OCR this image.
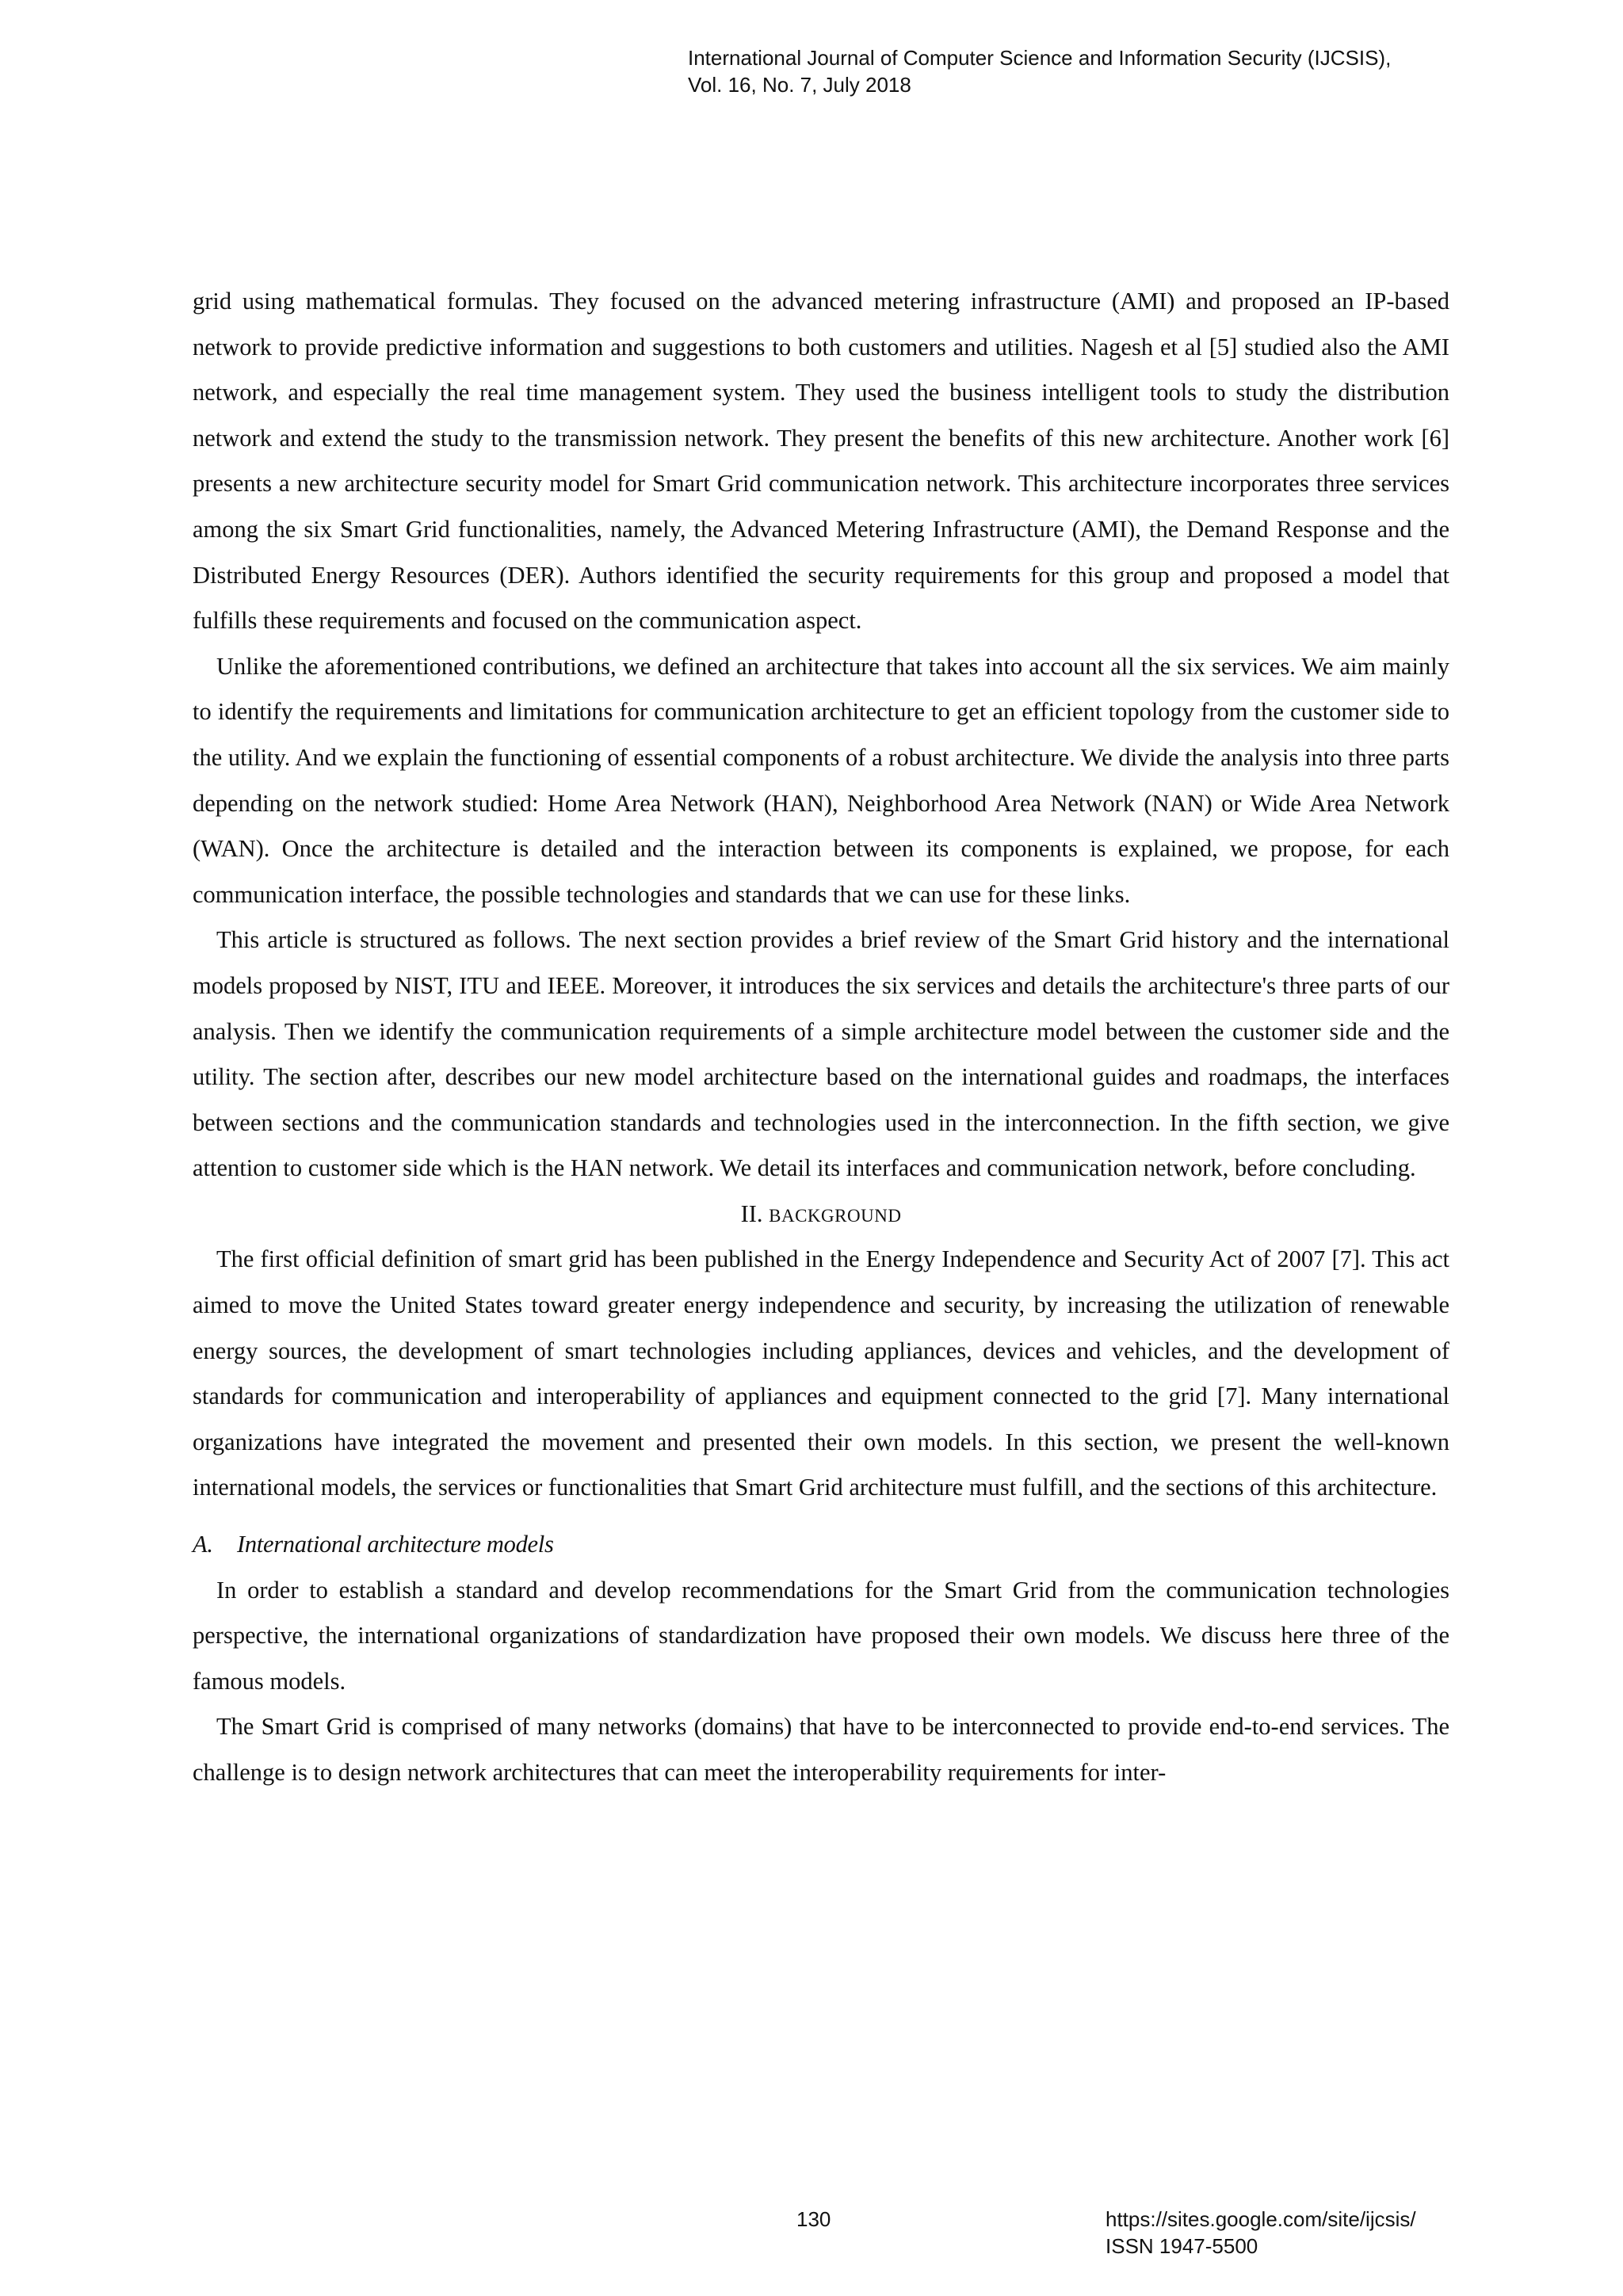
International Journal of Computer Science and Information Security (IJCSIS),
Vol. 16, No. 7, July 2018

grid using mathematical formulas. They focused on the advanced metering infrastructure (AMI) and proposed an IP-based network to provide predictive information and suggestions to both customers and utilities. Nagesh et al [5] studied also the AMI network, and especially the real time management system. They used the business intelligent tools to study the distribution network and extend the study to the transmission network. They present the benefits of this new architecture. Another work [6] presents a new architecture security model for Smart Grid communication network. This architecture incorporates three services among the six Smart Grid functionalities, namely, the Advanced Metering Infrastructure (AMI), the Demand Response and the Distributed Energy Resources (DER). Authors identified the security requirements for this group and proposed a model that fulfills these requirements and focused on the communication aspect.

Unlike the aforementioned contributions, we defined an architecture that takes into account all the six services. We aim mainly to identify the requirements and limitations for communication architecture to get an efficient topology from the customer side to the utility. And we explain the functioning of essential components of a robust architecture. We divide the analysis into three parts depending on the network studied: Home Area Network (HAN), Neighborhood Area Network (NAN) or Wide Area Network (WAN). Once the architecture is detailed and the interaction between its components is explained, we propose, for each communication interface, the possible technologies and standards that we can use for these links.

This article is structured as follows. The next section provides a brief review of the Smart Grid history and the international models proposed by NIST, ITU and IEEE. Moreover, it introduces the six services and details the architecture's three parts of our analysis. Then we identify the communication requirements of a simple architecture model between the customer side and the utility. The section after, describes our new model architecture based on the international guides and roadmaps, the interfaces between sections and the communication standards and technologies used in the interconnection. In the fifth section, we give attention to customer side which is the HAN network. We detail its interfaces and communication network, before concluding.

II. BACKGROUND

The first official definition of smart grid has been published in the Energy Independence and Security Act of 2007 [7]. This act aimed to move the United States toward greater energy independence and security, by increasing the utilization of renewable energy sources, the development of smart technologies including appliances, devices and vehicles, and the development of standards for communication and interoperability of appliances and equipment connected to the grid [7]. Many international organizations have integrated the movement and presented their own models. In this section, we present the well-known international models, the services or functionalities that Smart Grid architecture must fulfill, and the sections of this architecture.

A. International architecture models

In order to establish a standard and develop recommendations for the Smart Grid from the communication technologies perspective, the international organizations of standardization have proposed their own models. We discuss here three of the famous models.

The Smart Grid is comprised of many networks (domains) that have to be interconnected to provide end-to-end services. The challenge is to design network architectures that can meet the interoperability requirements for inter-

130	https://sites.google.com/site/ijcsis/
ISSN 1947-5500
